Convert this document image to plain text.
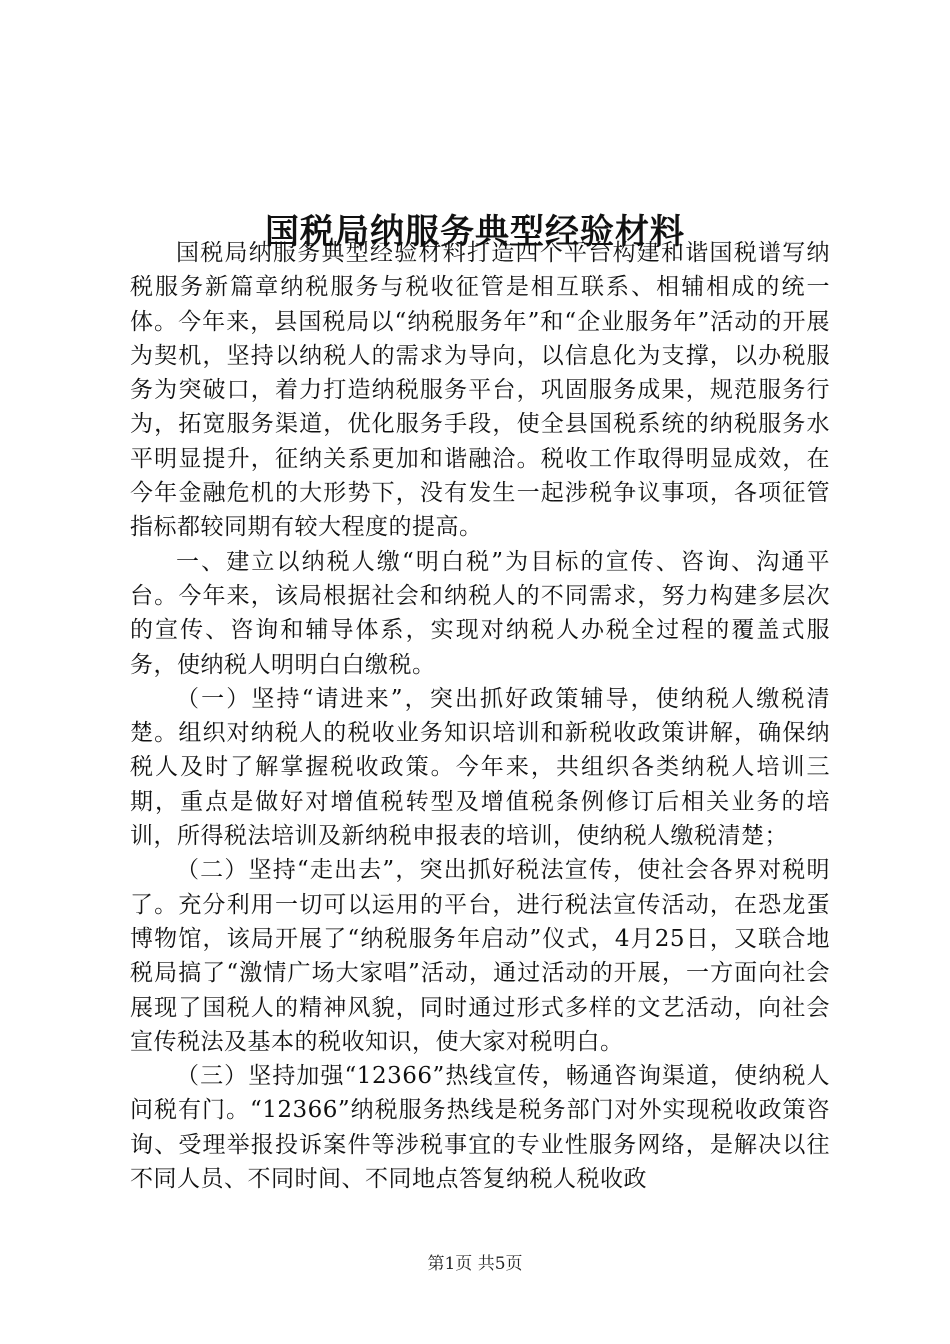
国税局纳服务典型经验材料

国税局纳服务典型经验材料打造四个平台构建和谐国税谱写纳税服务新篇章纳税服务与税收征管是相互联系、相辅相成的统一体。今年来，县国税局以“纳税服务年”和“企业服务年”活动的开展为契机，坚持以纳税人的需求为导向，以信息化为支撑，以办税服务为突破口，着力打造纳税服务平台，巩固服务成果，规范服务行为，拓宽服务渠道，优化服务手段，使全县国税系统的纳税服务水平明显提升，征纳关系更加和谐融洽。税收工作取得明显成效，在今年金融危机的大形势下，没有发生一起涉税争议事项，各项征管指标都较同期有较大程度的提高。

一、建立以纳税人缴“明白税”为目标的宣传、咨询、沟通平台。今年来，该局根据社会和纳税人的不同需求，努力构建多层次的宣传、咨询和辅导体系，实现对纳税人办税全过程的覆盖式服务，使纳税人明明白白缴税。

（一）坚持“请进来”，突出抓好政策辅导，使纳税人缴税清楚。组织对纳税人的税收业务知识培训和新税收政策讲解，确保纳税人及时了解掌握税收政策。今年来，共组织各类纳税人培训三期，重点是做好对增值税转型及增值税条例修订后相关业务的培训，所得税法培训及新纳税申报表的培训，使纳税人缴税清楚；

（二）坚持“走出去”，突出抓好税法宣传，使社会各界对税明了。充分利用一切可以运用的平台，进行税法宣传活动，在恐龙蛋博物馆，该局开展了“纳税服务年启动”仪式，4月25日，又联合地税局搞了“激情广场大家唱”活动，通过活动的开展，一方面向社会展现了国税人的精神风貌，同时通过形式多样的文艺活动，向社会宣传税法及基本的税收知识，使大家对税明白。

（三）坚持加强“12366”热线宣传，畅通咨询渠道，使纳税人问税有门。“12366”纳税服务热线是税务部门对外实现税收政策咨询、受理举报投诉案件等涉税事宜的专业性服务网络，是解决以往不同人员、不同时间、不同地点答复纳税人税收政

第1页 共5页
